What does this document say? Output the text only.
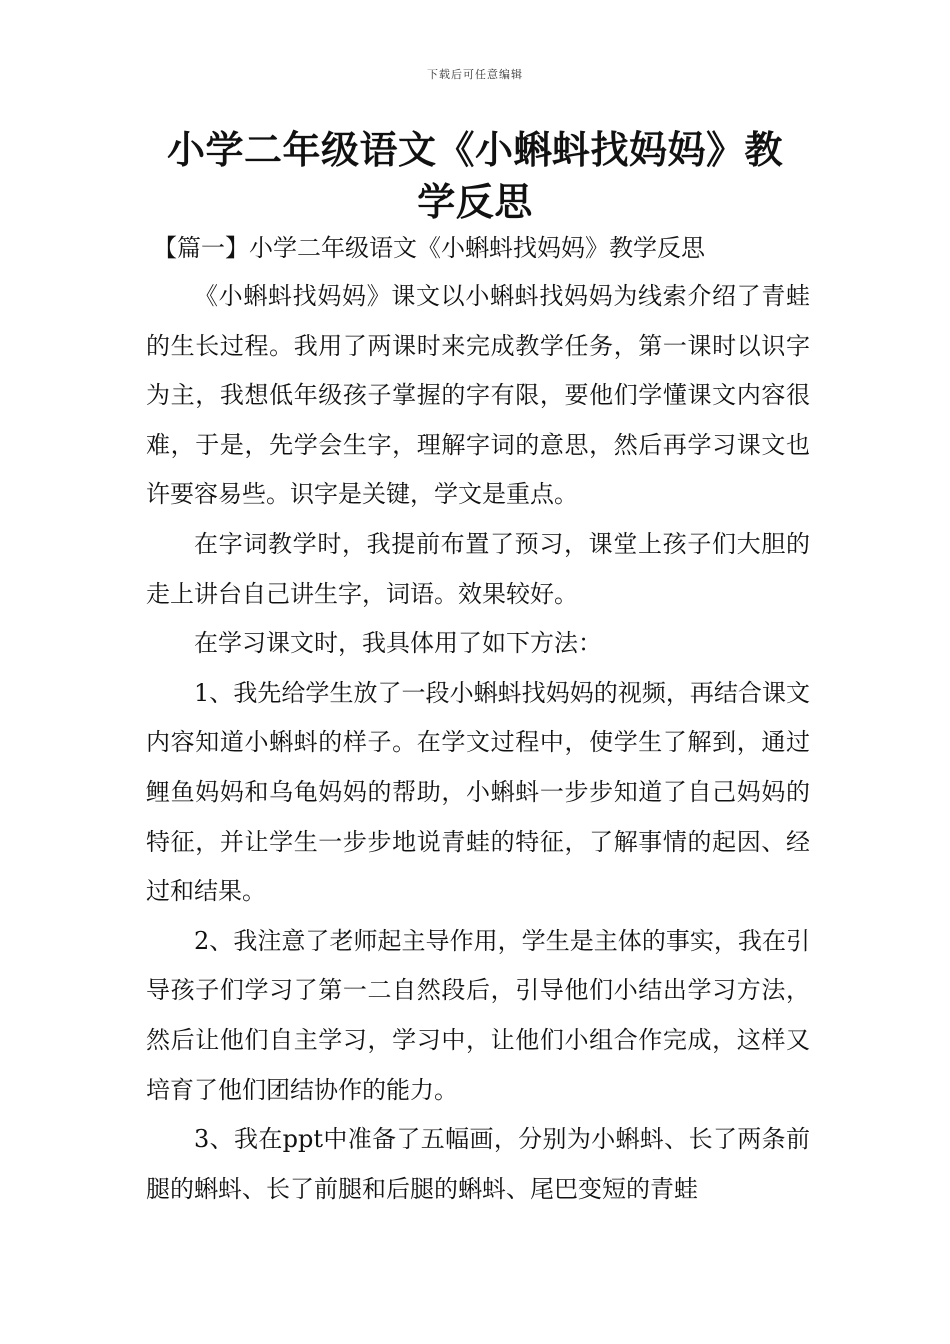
下载后可任意编辑
小学二年级语文《小蝌蚪找妈妈》教学反思
【篇一】小学二年级语文《小蝌蚪找妈妈》教学反思

《小蝌蚪找妈妈》课文以小蝌蚪找妈妈为线索介绍了青蛙的生长过程。我用了两课时来完成教学任务，第一课时以识字为主，我想低年级孩子掌握的字有限，要他们学懂课文内容很难，于是，先学会生字，理解字词的意思，然后再学习课文也许要容易些。识字是关键，学文是重点。

在字词教学时，我提前布置了预习，课堂上孩子们大胆的走上讲台自己讲生字，词语。效果较好。

在学习课文时，我具体用了如下方法：

1、我先给学生放了一段小蝌蚪找妈妈的视频，再结合课文内容知道小蝌蚪的样子。在学文过程中，使学生了解到，通过鲤鱼妈妈和乌龟妈妈的帮助，小蝌蚪一步步知道了自己妈妈的特征，并让学生一步步地说青蛙的特征，了解事情的起因、经过和结果。

2、我注意了老师起主导作用，学生是主体的事实，我在引导孩子们学习了第一二自然段后，引导他们小结出学习方法，然后让他们自主学习，学习中，让他们小组合作完成，这样又培育了他们团结协作的能力。

3、我在ppt中准备了五幅画，分别为小蝌蚪、长了两条前腿的蝌蚪、长了前腿和后腿的蝌蚪、尾巴变短的青蛙
